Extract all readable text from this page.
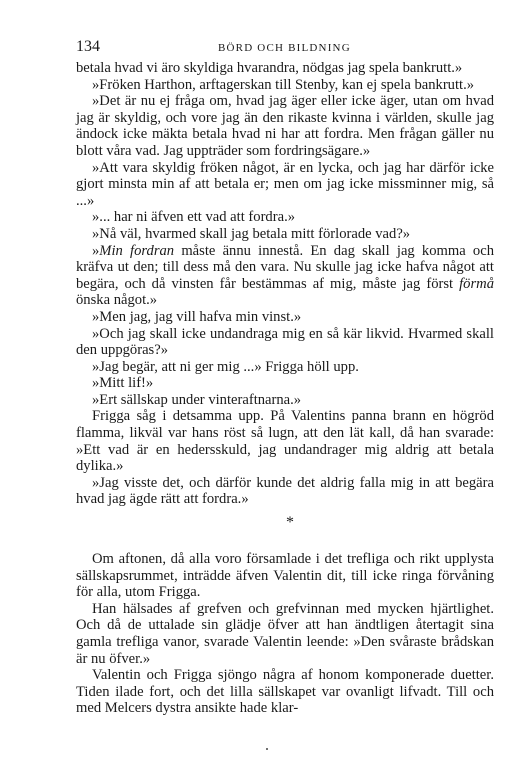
134	BÖRD OCH BILDNING

betala hvad vi äro skyldiga hvarandra, nödgas jag spela bankrutt.»

»Fröken Harthon, arftagerskan till Stenby, kan ej spela bankrutt.»

»Det är nu ej fråga om, hvad jag äger eller icke äger, utan om hvad jag är skyldig, och vore jag än den rikaste kvinna i världen, skulle jag ändock icke mäkta betala hvad ni har att fordra. Men frågan gäller nu blott våra vad. Jag uppträder som fordringsägare.»

»Att vara skyldig fröken något, är en lycka, och jag har därför icke gjort minsta min af att betala er; men om jag icke missminner mig, så ...»

»... har ni äfven ett vad att fordra.»

»Nå väl, hvarmed skall jag betala mitt förlorade vad?»

»Min fordran måste ännu innestå. En dag skall jag komma och kräfva ut den; till dess må den vara. Nu skulle jag icke hafva något att begära, och då vinsten får bestämmas af mig, måste jag först förmå önska något.»

»Men jag, jag vill hafva min vinst.»

»Och jag skall icke undandraga mig en så kär likvid. Hvarmed skall den uppgöras?»

»Jag begär, att ni ger mig ...» Frigga höll upp.

»Mitt lif!»

»Ert sällskap under vinteraftnarna.»

Frigga såg i detsamma upp. På Valentins panna brann en högröd flamma, likväl var hans röst så lugn, att den lät kall, då han svarade: »Ett vad är en hedersskuld, jag undandrager mig aldrig att betala dylika.»

»Jag visste det, och därför kunde det aldrig falla mig in att begära hvad jag ägde rätt att fordra.»

*

Om aftonen, då alla voro församlade i det trefliga och rikt upplysta sällskapsrummet, inträdde äfven Valentin dit, till icke ringa förvåning för alla, utom Frigga.

Han hälsades af grefven och grefvinnan med mycken hjärtlighet. Och då de uttalade sin glädje öfver att han ändtligen återtagit sina gamla trefliga vanor, svarade Valentin leende: »Den svåraste brådskan är nu öfver.»

Valentin och Frigga sjöngo några af honom komponerade duetter. Tiden ilade fort, och det lilla sällskapet var ovanligt lifvadt. Till och med Melcers dystra ansikte hade klar-
